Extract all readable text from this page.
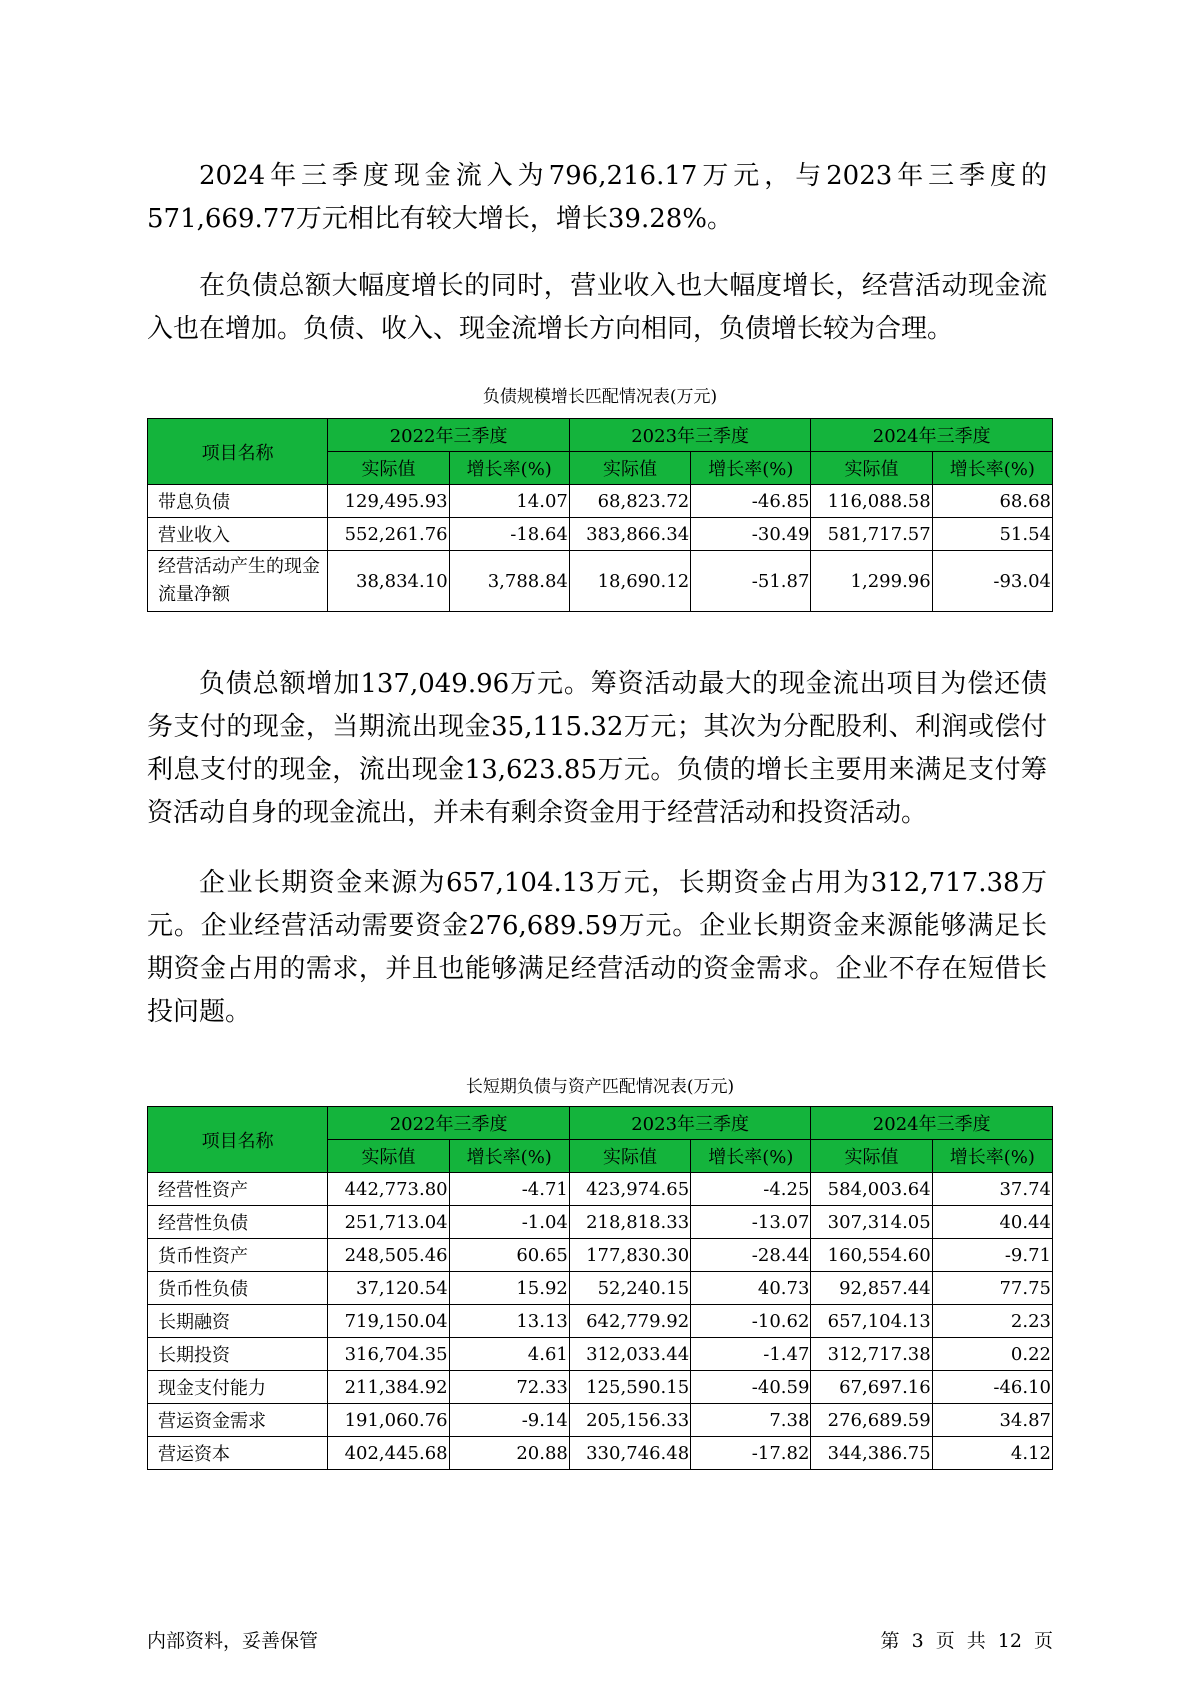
2024年三季度现金流入为796,216.17万元，与2023年三季度的571,669.77万元相比有较大增长，增长39.28%。

在负债总额大幅度增长的同时，营业收入也大幅度增长，经营活动现金流入也在增加。负债、收入、现金流增长方向相同，负债增长较为合理。

负债规模增长匹配情况表(万元)
项目名称	2022年三季度		2023年三季度		2024年三季度	
	实际值	增长率(%)	实际值	增长率(%)	实际值	增长率(%)
带息负债	129,495.93	14.07	68,823.72	-46.85	116,088.58	68.68
营业收入	552,261.76	-18.64	383,866.34	-30.49	581,717.57	51.54
经营活动产生的现金流量净额	38,834.10	3,788.84	18,690.12	-51.87	1,299.96	-93.04

负债总额增加137,049.96万元。筹资活动最大的现金流出项目为偿还债务支付的现金，当期流出现金35,115.32万元；其次为分配股利、利润或偿付利息支付的现金，流出现金13,623.85万元。负债的增长主要用来满足支付筹资活动自身的现金流出，并未有剩余资金用于经营活动和投资活动。

企业长期资金来源为657,104.13万元，长期资金占用为312,717.38万元。企业经营活动需要资金276,689.59万元。企业长期资金来源能够满足长期资金占用的需求，并且也能够满足经营活动的资金需求。企业不存在短借长投问题。

长短期负债与资产匹配情况表(万元)
项目名称	2022年三季度		2023年三季度		2024年三季度	
	实际值	增长率(%)	实际值	增长率(%)	实际值	增长率(%)
经营性资产	442,773.80	-4.71	423,974.65	-4.25	584,003.64	37.74
经营性负债	251,713.04	-1.04	218,818.33	-13.07	307,314.05	40.44
货币性资产	248,505.46	60.65	177,830.30	-28.44	160,554.60	-9.71
货币性负债	37,120.54	15.92	52,240.15	40.73	92,857.44	77.75
长期融资	719,150.04	13.13	642,779.92	-10.62	657,104.13	2.23
长期投资	316,704.35	4.61	312,033.44	-1.47	312,717.38	0.22
现金支付能力	211,384.92	72.33	125,590.15	-40.59	67,697.16	-46.10
营运资金需求	191,060.76	-9.14	205,156.33	7.38	276,689.59	34.87
营运资本	402,445.68	20.88	330,746.48	-17.82	344,386.75	4.12
内部资料，妥善保管	第 3 页 共 12 页
